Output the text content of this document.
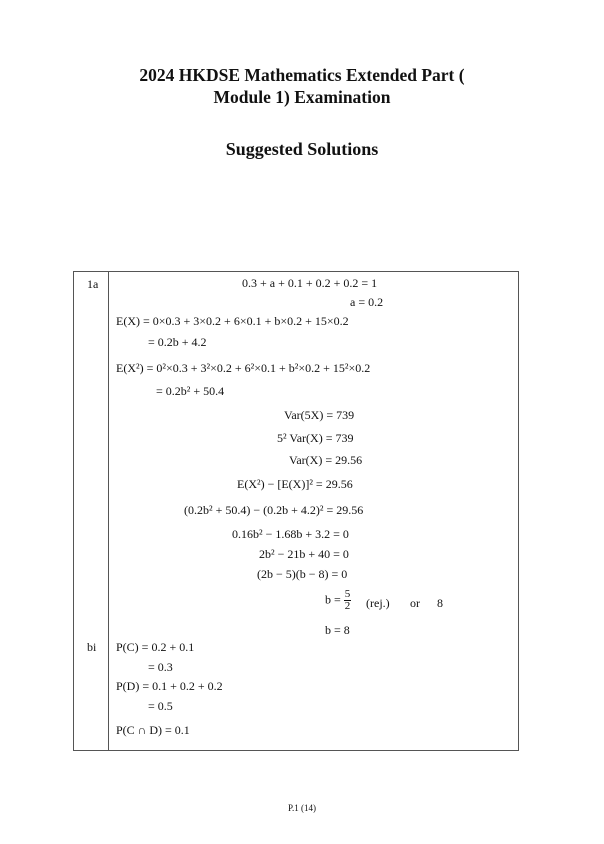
2024 HKDSE Mathematics Extended Part (
Module 1) Examination
Suggested Solutions
1a
bi
0.3 + a + 0.1 + 0.2 + 0.2 = 1
a = 0.2
E(X) = 0×0.3 + 3×0.2 + 6×0.1 + b×0.2 + 15×0.2
= 0.2b + 4.2
E(X²) = 0²×0.3 + 3²×0.2 + 6²×0.1 + b²×0.2 + 15²×0.2
= 0.2b² + 50.4
Var(5X) = 739
5² Var(X) = 739
Var(X) = 29.56
E(X²) − [E(X)]² = 29.56
(0.2b² + 50.4) − (0.2b + 4.2)² = 29.56
0.16b² − 1.68b + 3.2 = 0
2b² − 21b + 40 = 0
(2b − 5)(b − 8) = 0
$b = \frac{5}{2} (rej.)$ or 8
b = 8
P(C) = 0.2 + 0.1
= 0.3
P(D) = 0.1 + 0.2 + 0.2
= 0.5
P(C ∩ D) = 0.1
P.1 (14)
